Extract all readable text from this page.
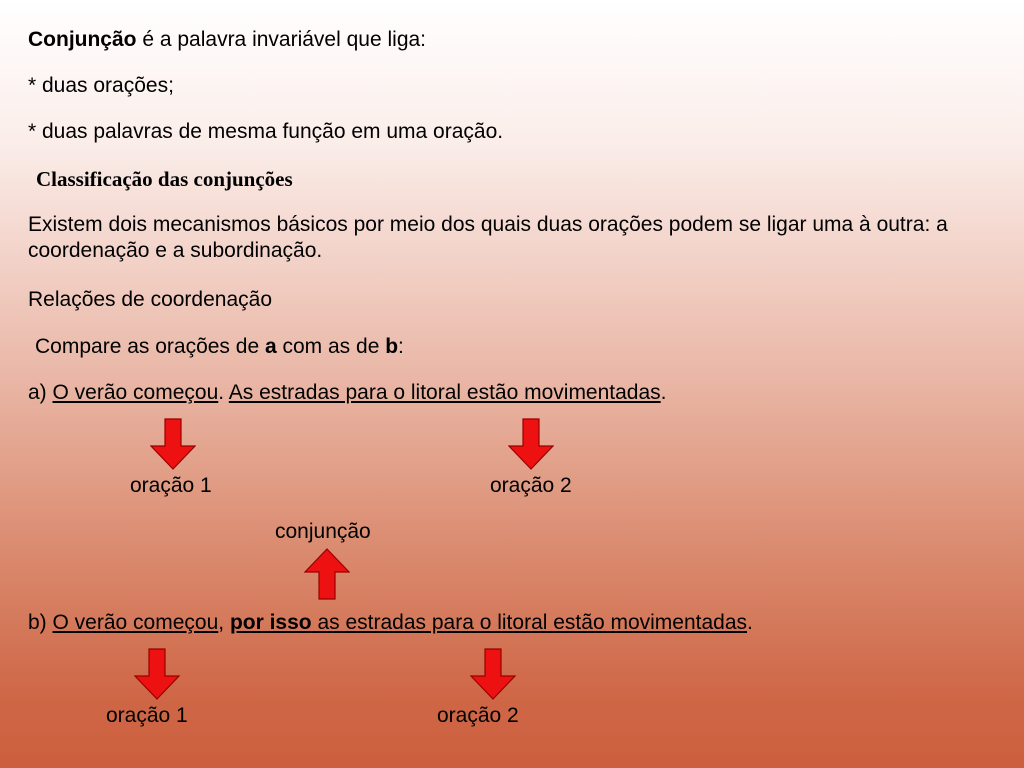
Conjunção é a palavra invariável que liga:

* duas orações;

* duas palavras de mesma função em uma oração.

Classificação das conjunções

Existem dois mecanismos básicos por meio dos quais duas orações podem se ligar uma à outra: a coordenação e a subordinação.

Relações de coordenação

Compare as orações de a com as de b:

a) O verão começou. As estradas para o litoral estão movimentadas.

oração 1	oração 2

conjunção

b) O verão começou, por isso as estradas para o litoral estão movimentadas.

oração 1	oração 2
